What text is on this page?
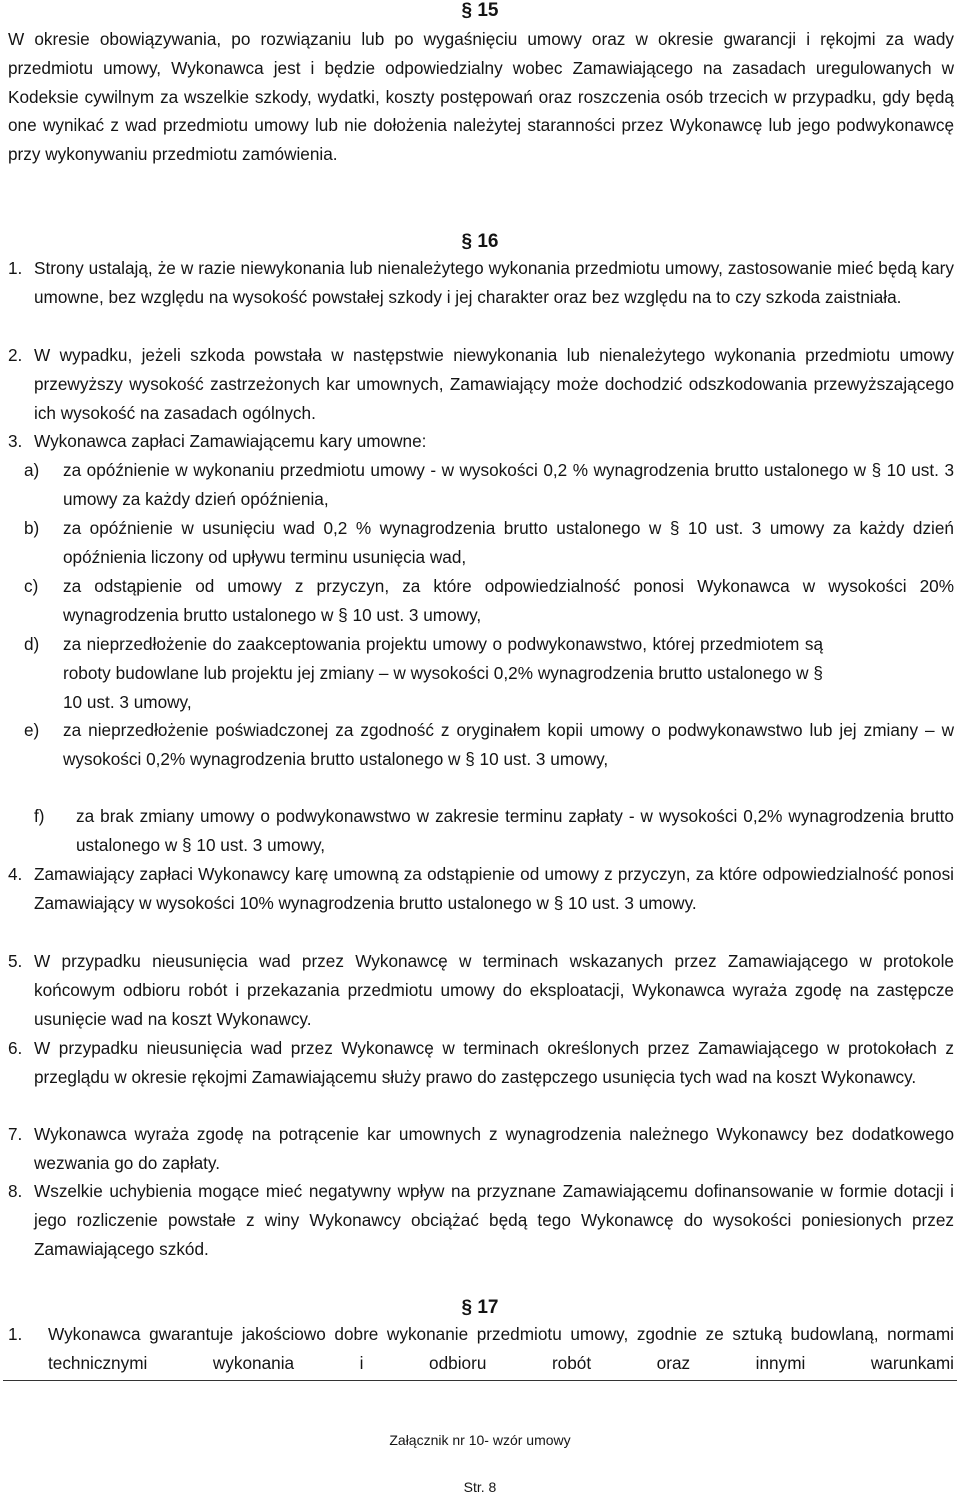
§ 15
W okresie obowiązywania, po rozwiązaniu lub po wygaśnięciu umowy oraz w okresie gwarancji i rękojmi za wady przedmiotu umowy, Wykonawca jest i będzie odpowiedzialny wobec Zamawiającego na zasadach uregulowanych w Kodeksie cywilnym za wszelkie szkody, wydatki, koszty postępowań oraz roszczenia osób trzecich w przypadku, gdy będą one wynikać z wad przedmiotu umowy lub nie dołożenia należytej staranności przez Wykonawcę lub jego podwykonawcę przy wykonywaniu przedmiotu zamówienia.
§ 16
1. Strony ustalają, że w razie niewykonania lub nienależytego wykonania przedmiotu umowy, zastosowanie mieć będą kary umowne, bez względu na wysokość powstałej szkody i jej charakter oraz bez względu na to czy szkoda zaistniała.
2. W wypadku, jeżeli szkoda powstała w następstwie niewykonania lub nienależytego wykonania przedmiotu umowy przewyższy wysokość zastrzeżonych kar umownych, Zamawiający może dochodzić odszkodowania przewyższającego ich wysokość na zasadach ogólnych.
3. Wykonawca zapłaci Zamawiającemu kary umowne:
a) za opóźnienie w wykonaniu przedmiotu umowy - w wysokości 0,2 % wynagrodzenia brutto ustalonego w § 10 ust. 3 umowy za każdy dzień opóźnienia,
b) za opóźnienie w usunięciu wad 0,2 % wynagrodzenia brutto ustalonego w § 10 ust. 3 umowy za każdy dzień opóźnienia liczony od upływu terminu usunięcia wad,
c) za odstąpienie od umowy z przyczyn, za które odpowiedzialność ponosi Wykonawca w wysokości 20% wynagrodzenia brutto ustalonego w § 10 ust. 3 umowy,
d) za nieprzedłożenie do zaakceptowania projektu umowy o podwykonawstwo, której przedmiotem są roboty budowlane lub projektu jej zmiany – w wysokości 0,2% wynagrodzenia brutto ustalonego w § 10 ust. 3 umowy,
e) za nieprzedłożenie poświadczonej za zgodność z oryginałem kopii umowy o podwykonawstwo lub jej zmiany – w wysokości 0,2% wynagrodzenia brutto ustalonego w § 10 ust. 3 umowy,
f) za brak zmiany umowy o podwykonawstwo w zakresie terminu zapłaty - w wysokości 0,2% wynagrodzenia brutto ustalonego w § 10 ust. 3 umowy,
4. Zamawiający zapłaci Wykonawcy karę umowną za odstąpienie od umowy z przyczyn, za które odpowiedzialność ponosi Zamawiający w wysokości 10% wynagrodzenia brutto ustalonego w § 10 ust. 3 umowy.
5. W przypadku nieusunięcia wad przez Wykonawcę w terminach wskazanych przez Zamawiającego w protokole końcowym odbioru robót i przekazania przedmiotu umowy do eksploatacji, Wykonawca wyraża zgodę na zastępcze usunięcie wad na koszt Wykonawcy.
6. W przypadku nieusunięcia wad przez Wykonawcę w terminach określonych przez Zamawiającego w protokołach z przeglądu w okresie rękojmi Zamawiającemu służy prawo do zastępczego usunięcia tych wad na koszt Wykonawcy.
7. Wykonawca wyraża zgodę na potrącenie kar umownych z wynagrodzenia należnego Wykonawcy bez dodatkowego wezwania go do zapłaty.
8. Wszelkie uchybienia mogące mieć negatywny wpływ na przyznane Zamawiającemu dofinansowanie w formie dotacji i jego rozliczenie powstałe z winy Wykonawcy obciążać będą tego Wykonawcę do wysokości poniesionych przez Zamawiającego szkód.
§ 17
1. Wykonawca gwarantuje jakościowo dobre wykonanie przedmiotu umowy, zgodnie ze sztuką budowlaną, normami technicznymi wykonania i odbioru robót oraz innymi warunkami
Załącznik nr 10- wzór umowy
Str. 8
